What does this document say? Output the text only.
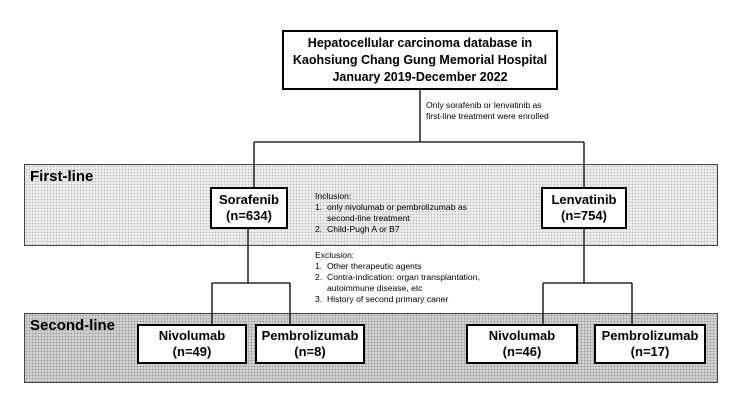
First-line
Second-line
Hepatocellular carcinoma database in
Kaohsiung Chang Gung Memorial Hospital
January 2019-December 2022
Only sorafenib or lenvatinib as
first-line treatment were enrolled
Sorafenib
(n=634)
Lenvatinib
(n=754)
Inclusion:
1. only nivolumab or pembrolizumab as
second-line treatment
2. Child-Pugh A or B7
Exclusion:
1. Other therapeutic agents
2. Contra-indication: organ transplantation,
autoimmune disease, etc
3. History of second primary caner
Nivolumab
(n=49)
Pembrolizumab
(n=8)
Nivolumab
(n=46)
Pembrolizumab
(n=17)
